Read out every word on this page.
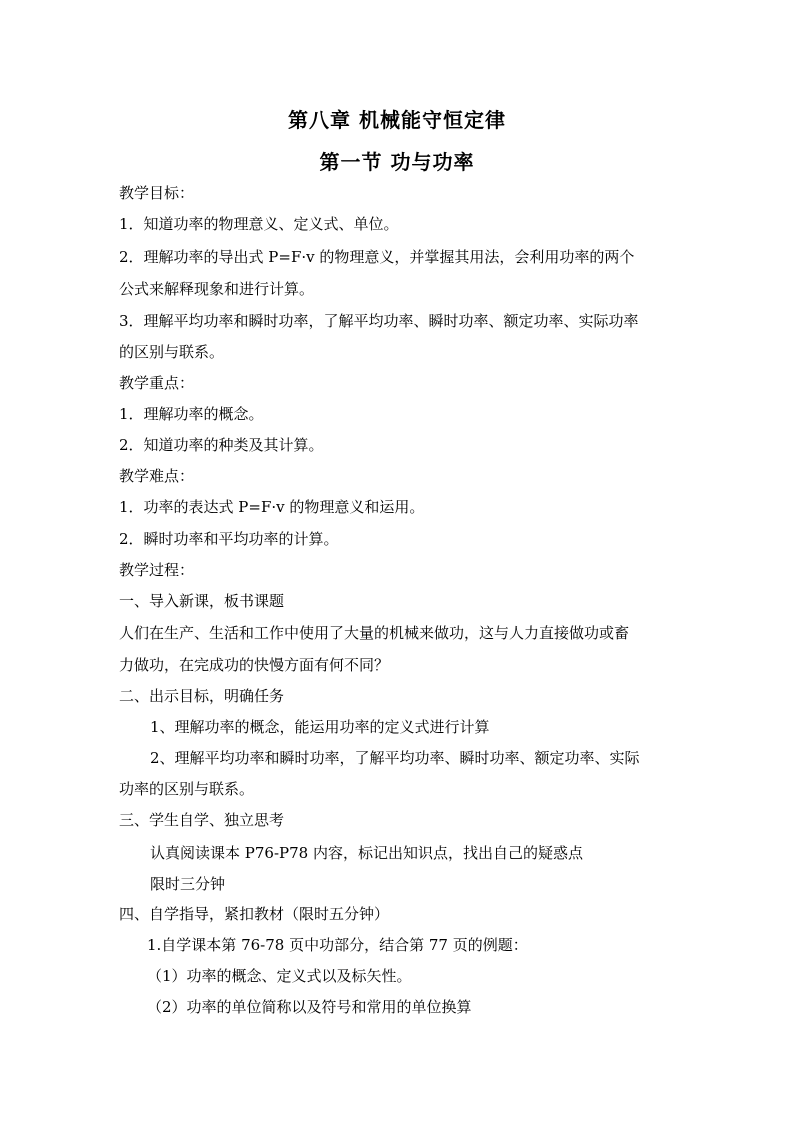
第八章 机械能守恒定律
第一节 功与功率
教学目标：
1．知道功率的物理意义、定义式、单位。
2．理解功率的导出式 P=F·v 的物理意义，并掌握其用法，会利用功率的两个
公式来解释现象和进行计算。
3．理解平均功率和瞬时功率，了解平均功率、瞬时功率、额定功率、实际功率
的区别与联系。
教学重点：
1．理解功率的概念。
2．知道功率的种类及其计算。
教学难点：
1．功率的表达式 P=F·v 的物理意义和运用。
2．瞬时功率和平均功率的计算。
教学过程：
一、导入新课，板书课题
人们在生产、生活和工作中使用了大量的机械来做功，这与人力直接做功或畜
力做功，在完成功的快慢方面有何不同？
二、出示目标，明确任务
1、理解功率的概念，能运用功率的定义式进行计算
2、理解平均功率和瞬时功率，了解平均功率、瞬时功率、额定功率、实际
功率的区别与联系。
三、学生自学、独立思考
认真阅读课本 P76-P78 内容，标记出知识点，找出自己的疑惑点
限时三分钟
四、自学指导，紧扣教材（限时五分钟）
1.自学课本第 76-78 页中功部分，结合第 77 页的例题：
（1）功率的概念、定义式以及标矢性。
（2）功率的单位简称以及符号和常用的单位换算
